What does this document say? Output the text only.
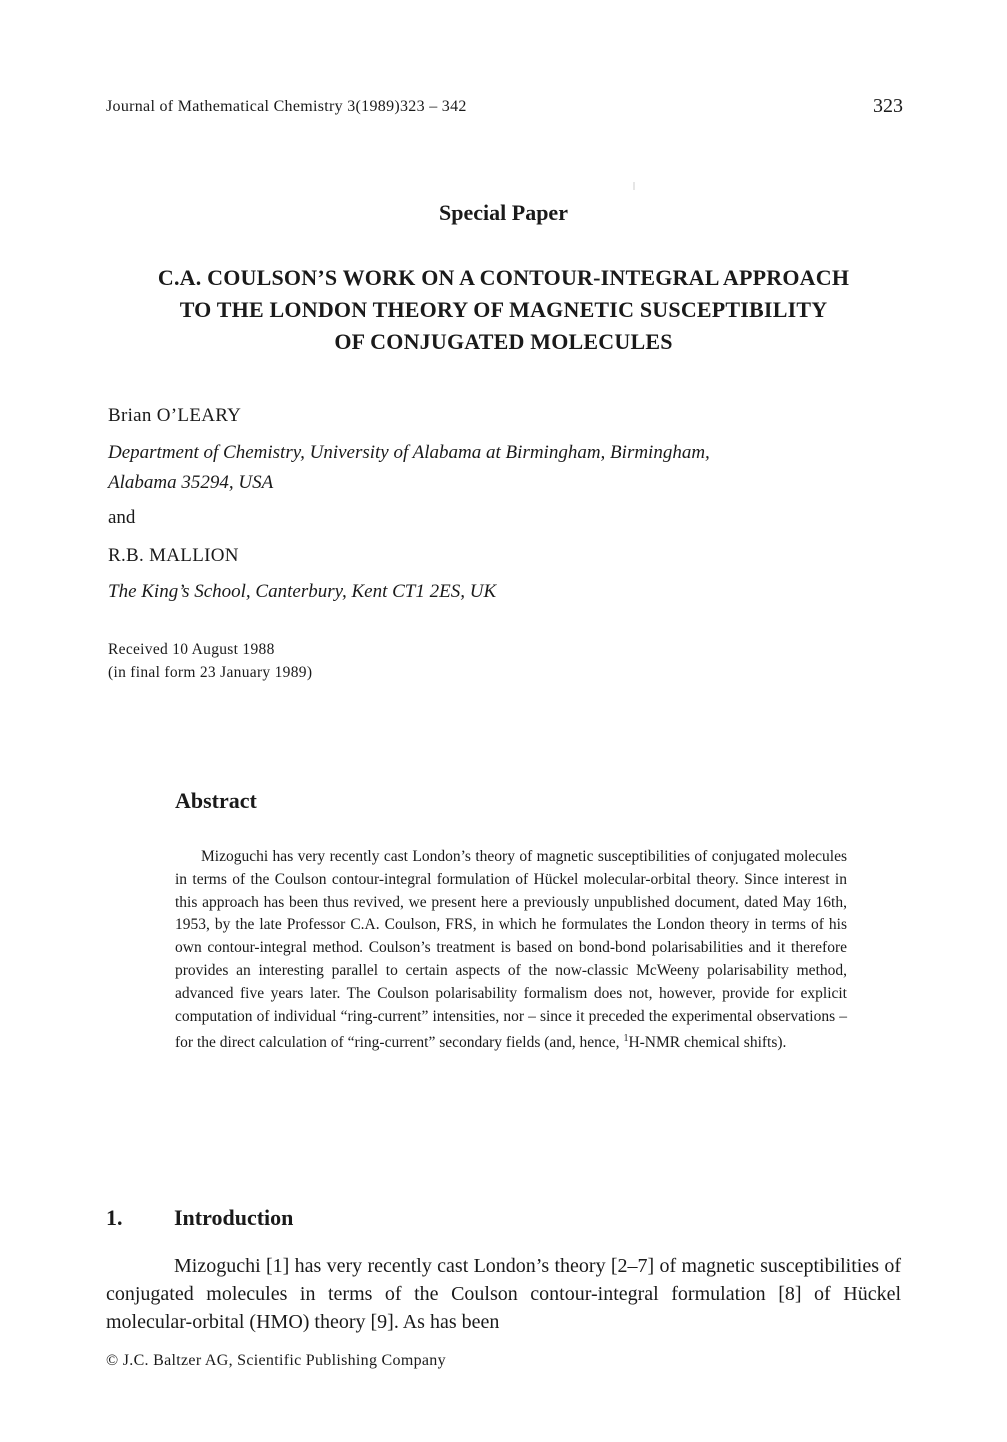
Journal of Mathematical Chemistry 3(1989)323 – 342	323
Special Paper
C.A. COULSON’S WORK ON A CONTOUR-INTEGRAL APPROACH
TO THE LONDON THEORY OF MAGNETIC SUSCEPTIBILITY
OF CONJUGATED MOLECULES
Brian O’LEARY
Department of Chemistry, University of Alabama at Birmingham, Birmingham,
Alabama 35294, USA
and
R.B. MALLION
The King’s School, Canterbury, Kent CT1 2ES, UK
Received 10 August 1988
(in final form 23 January 1989)
Abstract

Mizoguchi has very recently cast London’s theory of magnetic susceptibilities of conjugated molecules in terms of the Coulson contour-integral formulation of Hückel molecular-orbital theory. Since interest in this approach has been thus revived, we present here a previously unpublished document, dated May 16th, 1953, by the late Professor C.A. Coulson, FRS, in which he formulates the London theory in terms of his own contour-integral method. Coulson’s treatment is based on bond-bond polarisabilities and it therefore provides an interesting parallel to certain aspects of the now-classic McWeeny polarisability method, advanced five years later. The Coulson polarisability formalism does not, however, provide for explicit computation of individual “ring-current” intensities, nor – since it preceded the experimental observations – for the direct calculation of “ring-current” secondary fields (and, hence, $^1$H-NMR chemical shifts).

1. Introduction

Mizoguchi [1] has very recently cast London’s theory [2–7] of magnetic susceptibilities of conjugated molecules in terms of the Coulson contour-integral formulation [8] of Hückel molecular-orbital (HMO) theory [9]. As has been

© J.C. Baltzer AG, Scientific Publishing Company
